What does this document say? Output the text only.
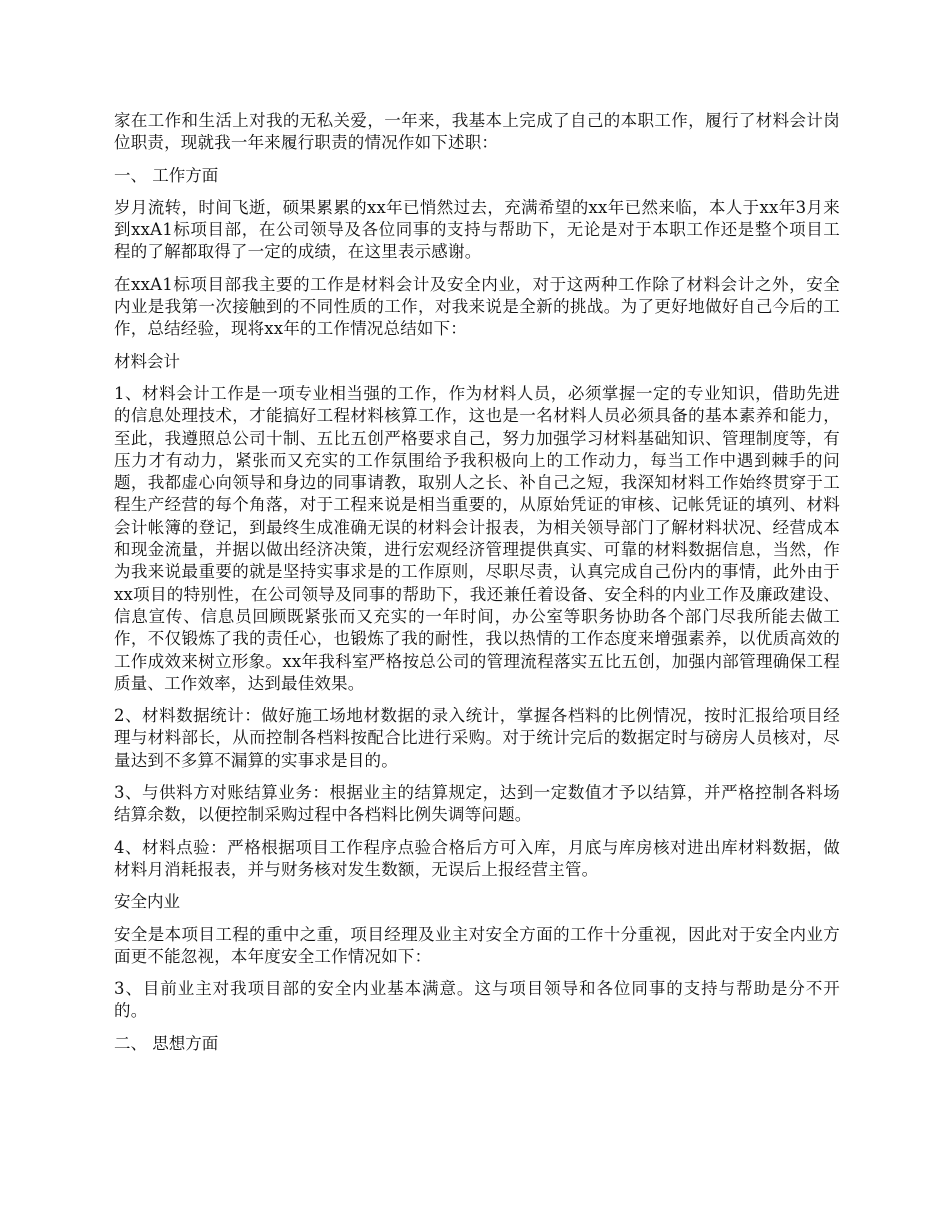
家在工作和生活上对我的无私关爱，一年来，我基本上完成了自己的本职工作，履行了材料会计岗位职责，现就我一年来履行职责的情况作如下述职：

一、 工作方面

岁月流转，时间飞逝，硕果累累的xx年已悄然过去，充满希望的xx年已然来临，本人于xx年3月来到xxA1标项目部，在公司领导及各位同事的支持与帮助下，无论是对于本职工作还是整个项目工程的了解都取得了一定的成绩，在这里表示感谢。

在xxA1标项目部我主要的工作是材料会计及安全内业，对于这两种工作除了材料会计之外，安全内业是我第一次接触到的不同性质的工作，对我来说是全新的挑战。为了更好地做好自己今后的工作，总结经验，现将xx年的工作情况总结如下：

材料会计

1、材料会计工作是一项专业相当强的工作，作为材料人员，必须掌握一定的专业知识，借助先进的信息处理技术，才能搞好工程材料核算工作，这也是一名材料人员必须具备的基本素养和能力，至此，我遵照总公司十制、五比五创严格要求自己，努力加强学习材料基础知识、管理制度等，有压力才有动力，紧张而又充实的工作氛围给予我积极向上的工作动力，每当工作中遇到棘手的问题，我都虚心向领导和身边的同事请教，取别人之长、补自己之短，我深知材料工作始终贯穿于工程生产经营的每个角落，对于工程来说是相当重要的，从原始凭证的审核、记帐凭证的填列、材料会计帐簿的登记，到最终生成准确无误的材料会计报表，为相关领导部门了解材料状况、经营成本和现金流量，并据以做出经济决策，进行宏观经济管理提供真实、可靠的材料数据信息，当然，作为我来说最重要的就是坚持实事求是的工作原则，尽职尽责，认真完成自己份内的事情，此外由于xx项目的特别性，在公司领导及同事的帮助下，我还兼任着设备、安全科的内业工作及廉政建设、信息宣传、信息员回顾既紧张而又充实的一年时间，办公室等职务协助各个部门尽我所能去做工作，不仅锻炼了我的责任心，也锻炼了我的耐性，我以热情的工作态度来增强素养，以优质高效的工作成效来树立形象。xx年我科室严格按总公司的管理流程落实五比五创，加强内部管理确保工程质量、工作效率，达到最佳效果。

2、材料数据统计：做好施工场地材数据的录入统计，掌握各档料的比例情况，按时汇报给项目经理与材料部长，从而控制各档料按配合比进行采购。对于统计完后的数据定时与磅房人员核对，尽量达到不多算不漏算的实事求是目的。

3、与供料方对账结算业务：根据业主的结算规定，达到一定数值才予以结算，并严格控制各料场结算余数，以便控制采购过程中各档料比例失调等问题。

4、材料点验：严格根据项目工作程序点验合格后方可入库，月底与库房核对进出库材料数据，做材料月消耗报表，并与财务核对发生数额，无误后上报经营主管。

安全内业

安全是本项目工程的重中之重，项目经理及业主对安全方面的工作十分重视，因此对于安全内业方面更不能忽视，本年度安全工作情况如下：

3、目前业主对我项目部的安全内业基本满意。这与项目领导和各位同事的支持与帮助是分不开的。

二、 思想方面
